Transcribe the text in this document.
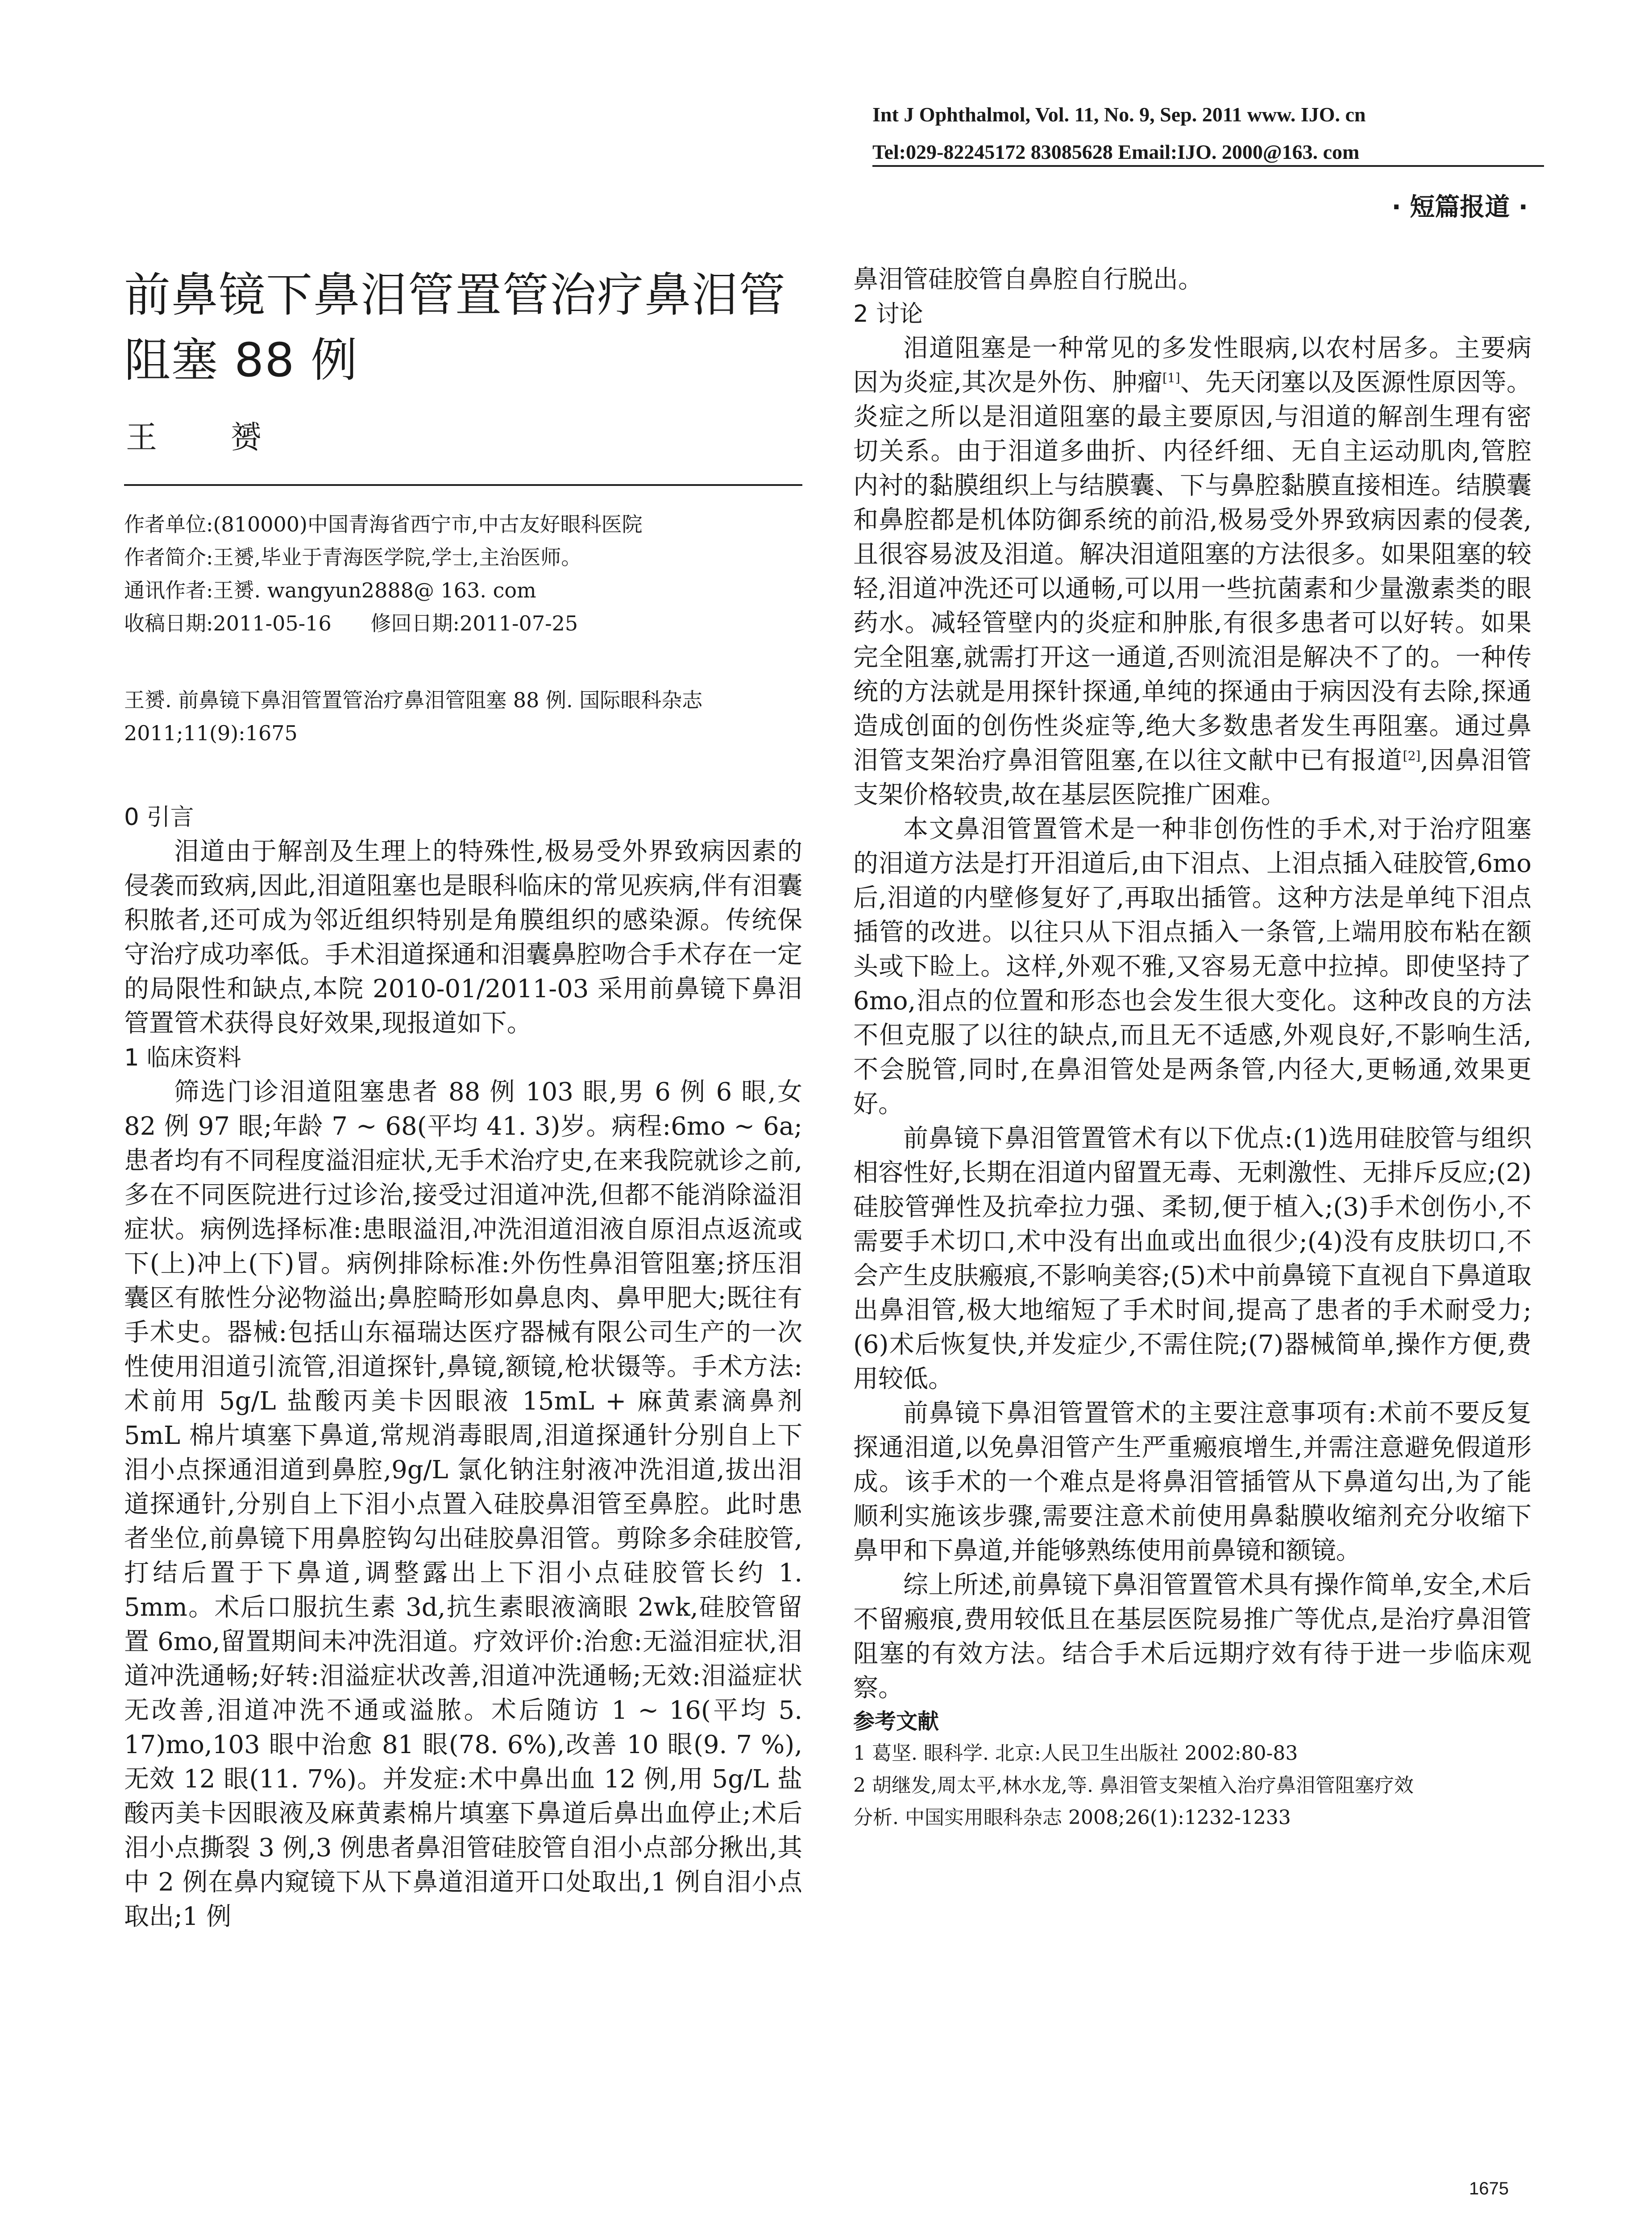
Int J Ophthalmol, Vol. 11, No. 9, Sep. 2011 www. IJO. cn
Tel:029-82245172 83085628 Email:IJO. 2000@163. com
· 短篇报道 ·
前鼻镜下鼻泪管置管治疗鼻泪管阻塞 88 例
王  赟
作者单位:(810000)中国青海省西宁市,中古友好眼科医院
作者简介:王赟,毕业于青海医学院,学士,主治医师。
通讯作者:王赟. wangyun2888@ 163. com
收稿日期:2011-05-16      修回日期:2011-07-25
王赟. 前鼻镜下鼻泪管置管治疗鼻泪管阻塞 88 例. 国际眼科杂志 2011;11(9):1675
0 引言

泪道由于解剖及生理上的特殊性,极易受外界致病因素的侵袭而致病,因此,泪道阻塞也是眼科临床的常见疾病,伴有泪囊积脓者,还可成为邻近组织特别是角膜组织的感染源。传统保守治疗成功率低。手术泪道探通和泪囊鼻腔吻合手术存在一定的局限性和缺点,本院 2010-01/2011-03 采用前鼻镜下鼻泪管置管术获得良好效果,现报道如下。

1 临床资料

筛选门诊泪道阻塞患者 88 例 103 眼,男 6 例 6 眼,女 82 例 97 眼;年龄 7 ~ 68(平均 41. 3)岁。病程:6mo ~ 6a;患者均有不同程度溢泪症状,无手术治疗史,在来我院就诊之前,多在不同医院进行过诊治,接受过泪道冲洗,但都不能消除溢泪症状。病例选择标准:患眼溢泪,冲洗泪道泪液自原泪点返流或下(上)冲上(下)冒。病例排除标准:外伤性鼻泪管阻塞;挤压泪囊区有脓性分泌物溢出;鼻腔畸形如鼻息肉、鼻甲肥大;既往有手术史。器械:包括山东福瑞达医疗器械有限公司生产的一次性使用泪道引流管,泪道探针,鼻镜,额镜,枪状镊等。手术方法:术前用 5g/L 盐酸丙美卡因眼液 15mL + 麻黄素滴鼻剂 5mL 棉片填塞下鼻道,常规消毒眼周,泪道探通针分别自上下泪小点探通泪道到鼻腔,9g/L 氯化钠注射液冲洗泪道,拔出泪道探通针,分别自上下泪小点置入硅胶鼻泪管至鼻腔。此时患者坐位,前鼻镜下用鼻腔钩勾出硅胶鼻泪管。剪除多余硅胶管,打结后置于下鼻道,调整露出上下泪小点硅胶管长约 1. 5mm。术后口服抗生素 3d,抗生素眼液滴眼 2wk,硅胶管留置 6mo,留置期间未冲洗泪道。疗效评价:治愈:无溢泪症状,泪道冲洗通畅;好转:泪溢症状改善,泪道冲洗通畅;无效:泪溢症状无改善,泪道冲洗不通或溢脓。术后随访 1 ~ 16(平均 5. 17)mo,103 眼中治愈 81 眼(78. 6%),改善 10 眼(9. 7 %),无效 12 眼(11. 7%)。并发症:术中鼻出血 12 例,用 5g/L 盐酸丙美卡因眼液及麻黄素棉片填塞下鼻道后鼻出血停止;术后泪小点撕裂 3 例,3 例患者鼻泪管硅胶管自泪小点部分揪出,其中 2 例在鼻内窥镜下从下鼻道泪道开口处取出,1 例自泪小点取出;1 例

鼻泪管硅胶管自鼻腔自行脱出。

2 讨论

泪道阻塞是一种常见的多发性眼病,以农村居多。主要病因为炎症,其次是外伤、肿瘤[1]、先天闭塞以及医源性原因等。炎症之所以是泪道阻塞的最主要原因,与泪道的解剖生理有密切关系。由于泪道多曲折、内径纤细、无自主运动肌肉,管腔内衬的黏膜组织上与结膜囊、下与鼻腔黏膜直接相连。结膜囊和鼻腔都是机体防御系统的前沿,极易受外界致病因素的侵袭,且很容易波及泪道。解决泪道阻塞的方法很多。如果阻塞的较轻,泪道冲洗还可以通畅,可以用一些抗菌素和少量激素类的眼药水。减轻管壁内的炎症和肿胀,有很多患者可以好转。如果完全阻塞,就需打开这一通道,否则流泪是解决不了的。一种传统的方法就是用探针探通,单纯的探通由于病因没有去除,探通造成创面的创伤性炎症等,绝大多数患者发生再阻塞。通过鼻泪管支架治疗鼻泪管阻塞,在以往文献中已有报道[2],因鼻泪管支架价格较贵,故在基层医院推广困难。

本文鼻泪管置管术是一种非创伤性的手术,对于治疗阻塞的泪道方法是打开泪道后,由下泪点、上泪点插入硅胶管,6mo 后,泪道的内壁修复好了,再取出插管。这种方法是单纯下泪点插管的改进。以往只从下泪点插入一条管,上端用胶布粘在额头或下睑上。这样,外观不雅,又容易无意中拉掉。即使坚持了 6mo,泪点的位置和形态也会发生很大变化。这种改良的方法不但克服了以往的缺点,而且无不适感,外观良好,不影响生活,不会脱管,同时,在鼻泪管处是两条管,内径大,更畅通,效果更好。

前鼻镜下鼻泪管置管术有以下优点:(1)选用硅胶管与组织相容性好,长期在泪道内留置无毒、无刺激性、无排斥反应;(2)硅胶管弹性及抗牵拉力强、柔韧,便于植入;(3)手术创伤小,不需要手术切口,术中没有出血或出血很少;(4)没有皮肤切口,不会产生皮肤瘢痕,不影响美容;(5)术中前鼻镜下直视自下鼻道取出鼻泪管,极大地缩短了手术时间,提高了患者的手术耐受力;(6)术后恢复快,并发症少,不需住院;(7)器械简单,操作方便,费用较低。

前鼻镜下鼻泪管置管术的主要注意事项有:术前不要反复探通泪道,以免鼻泪管产生严重瘢痕增生,并需注意避免假道形成。该手术的一个难点是将鼻泪管插管从下鼻道勾出,为了能顺利实施该步骤,需要注意术前使用鼻黏膜收缩剂充分收缩下鼻甲和下鼻道,并能够熟练使用前鼻镜和额镜。

综上所述,前鼻镜下鼻泪管置管术具有操作简单,安全,术后不留瘢痕,费用较低且在基层医院易推广等优点,是治疗鼻泪管阻塞的有效方法。结合手术后远期疗效有待于进一步临床观察。

参考文献
1 葛坚. 眼科学. 北京:人民卫生出版社 2002:80-83
2 胡继发,周太平,林水龙,等. 鼻泪管支架植入治疗鼻泪管阻塞疗效
分析. 中国实用眼科杂志 2008;26(1):1232-1233
1675
